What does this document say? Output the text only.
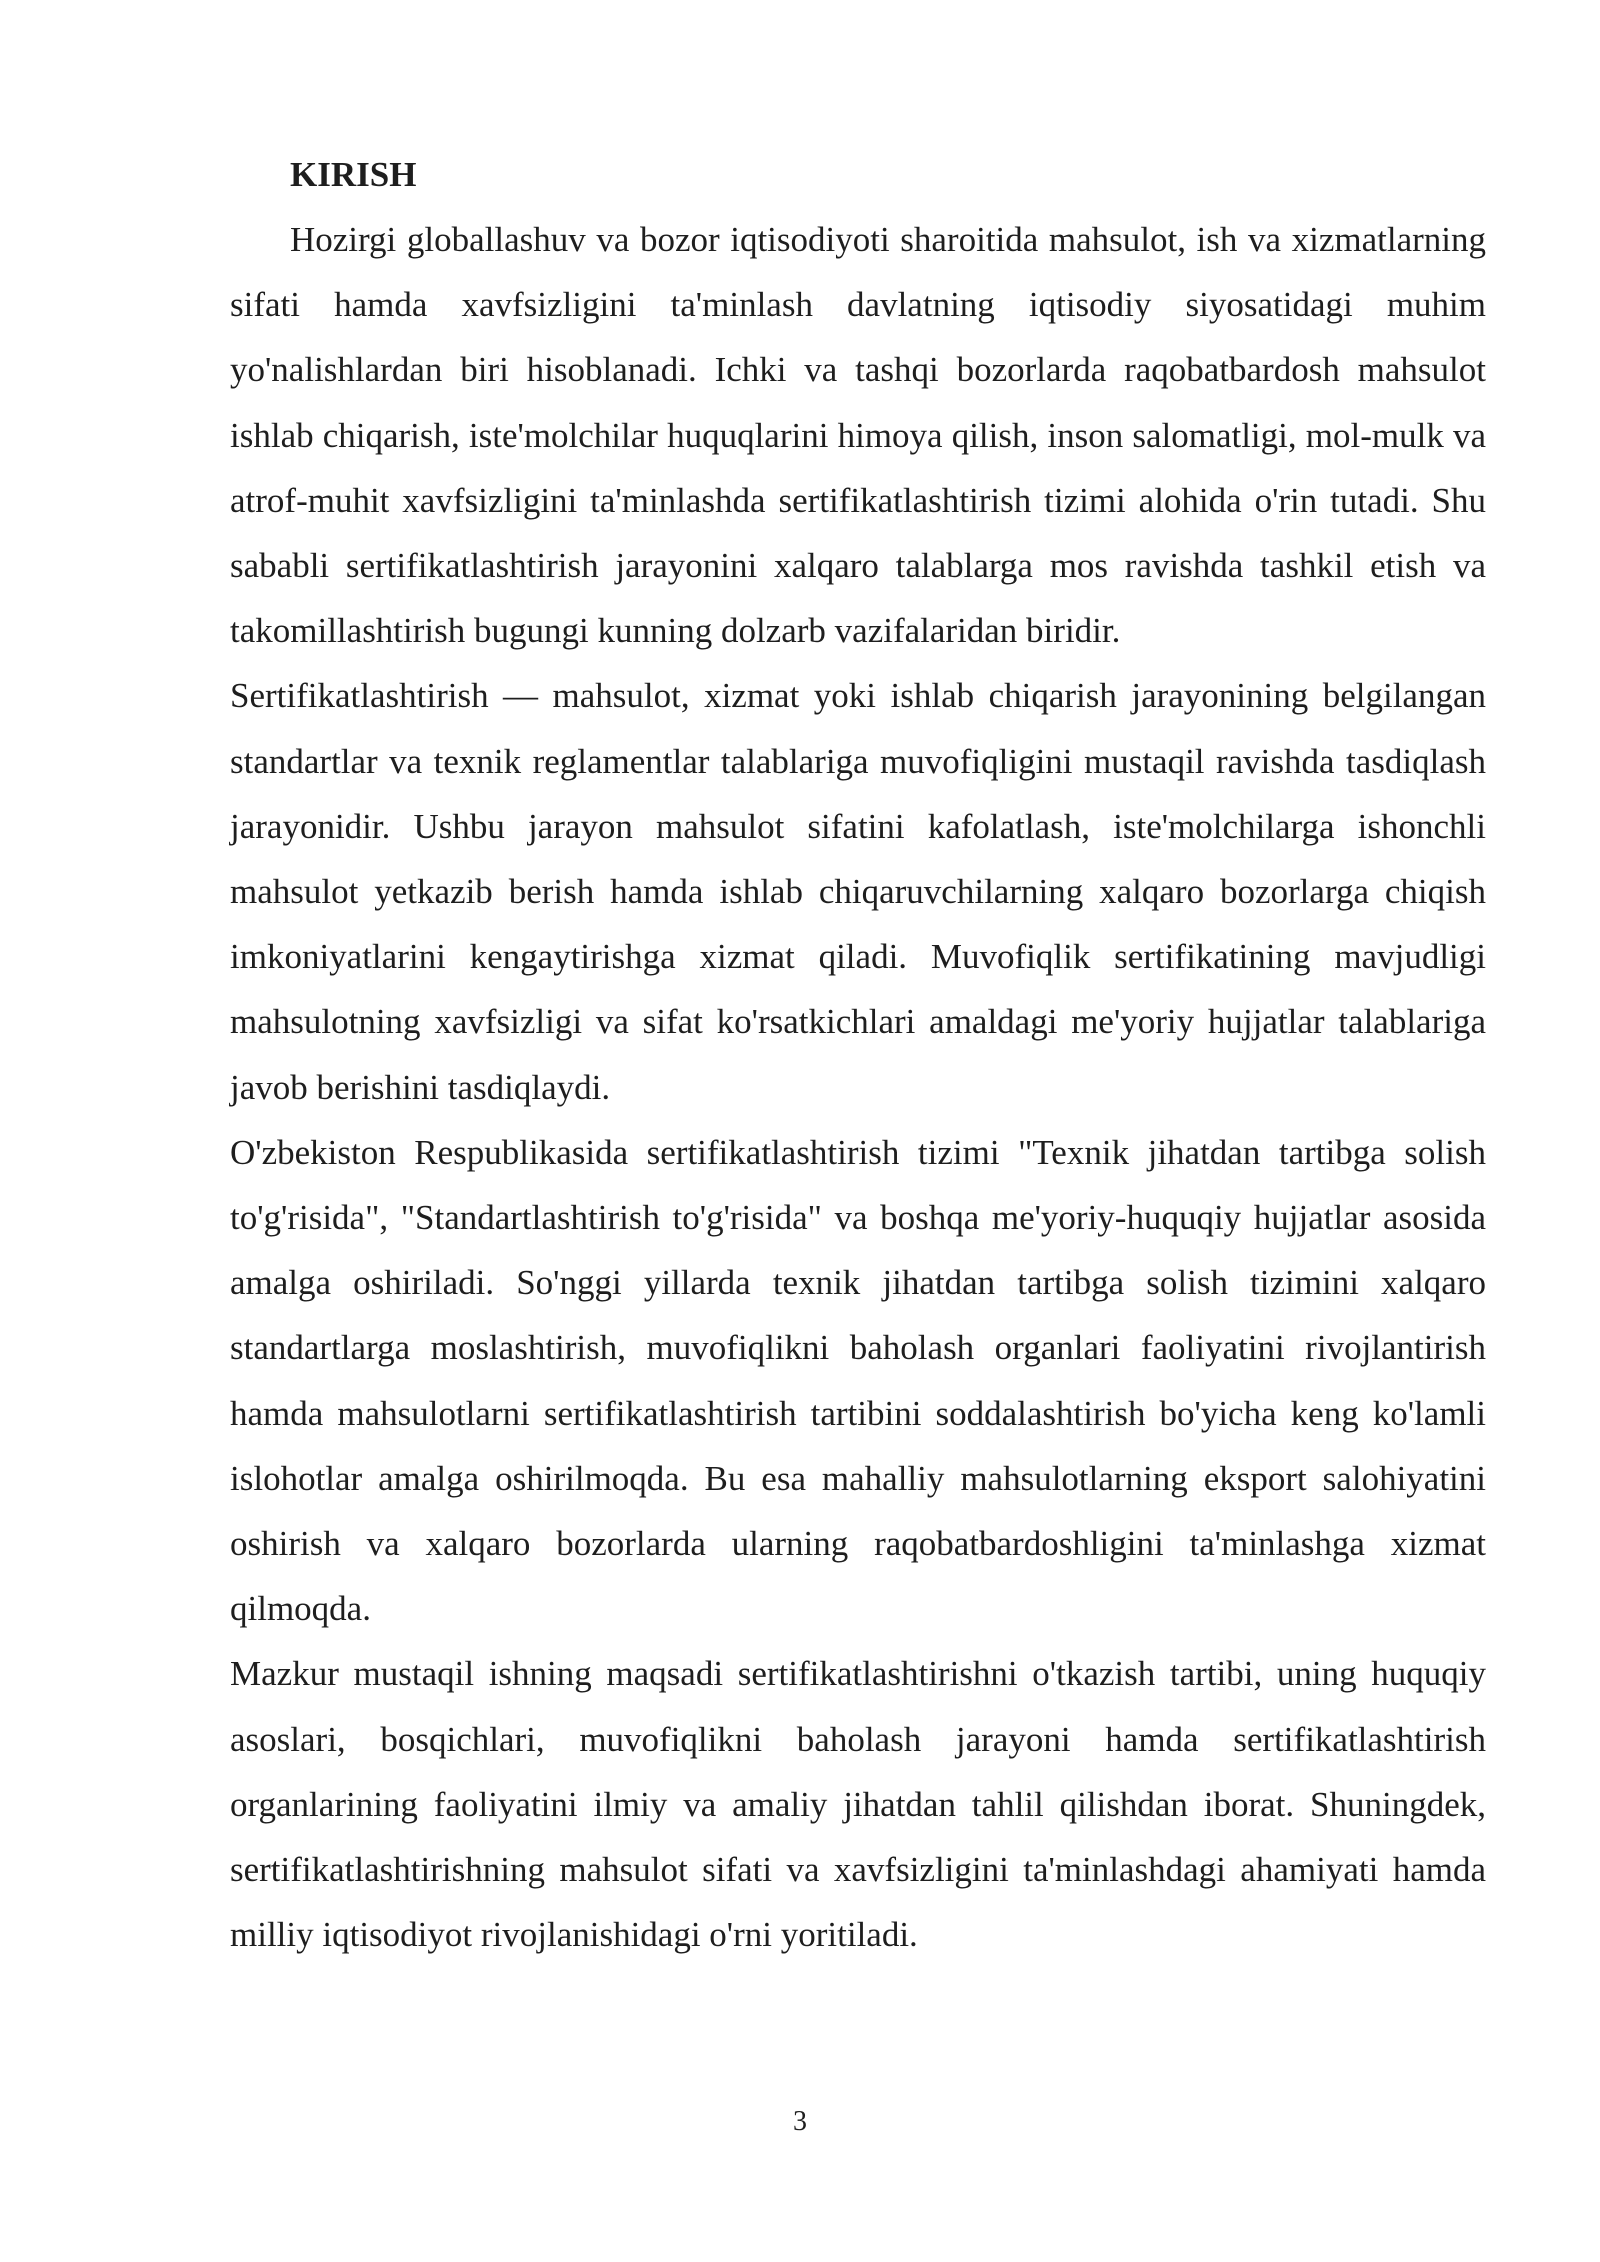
KIRISH

Hozirgi globallashuv va bozor iqtisodiyoti sharoitida mahsulot, ish va xizmatlarning sifati hamda xavfsizligini ta'minlash davlatning iqtisodiy siyosatidagi muhim yo'nalishlardan biri hisoblanadi. Ichki va tashqi bozorlarda raqobatbardosh mahsulot ishlab chiqarish, iste'molchilar huquqlarini himoya qilish, inson salomatligi, mol-mulk va atrof-muhit xavfsizligini ta'minlashda sertifikatlashtirish tizimi alohida o'rin tutadi. Shu sababli sertifikatlashtirish jarayonini xalqaro talablarga mos ravishda tashkil etish va takomillashtirish bugungi kunning dolzarb vazifalaridan biridir.

Sertifikatlashtirish — mahsulot, xizmat yoki ishlab chiqarish jarayonining belgilangan standartlar va texnik reglamentlar talablariga muvofiqligini mustaqil ravishda tasdiqlash jarayonidir. Ushbu jarayon mahsulot sifatini kafolatlash, iste'molchilarga ishonchli mahsulot yetkazib berish hamda ishlab chiqaruvchilarning xalqaro bozorlarga chiqish imkoniyatlarini kengaytirishga xizmat qiladi. Muvofiqlik sertifikatining mavjudligi mahsulotning xavfsizligi va sifat ko'rsatkichlari amaldagi me'yoriy hujjatlar talablariga javob berishini tasdiqlaydi.

O'zbekiston Respublikasida sertifikatlashtirish tizimi "Texnik jihatdan tartibga solish to'g'risida", "Standartlashtirish to'g'risida" va boshqa me'yoriy-huquqiy hujjatlar asosida amalga oshiriladi. So'nggi yillarda texnik jihatdan tartibga solish tizimini xalqaro standartlarga moslashtirish, muvofiqlikni baholash organlari faoliyatini rivojlantirish hamda mahsulotlarni sertifikatlashtirish tartibini soddalashtirish bo'yicha keng ko'lamli islohotlar amalga oshirilmoqda. Bu esa mahalliy mahsulotlarning eksport salohiyatini oshirish va xalqaro bozorlarda ularning raqobatbardoshligini ta'minlashga xizmat qilmoqda.

Mazkur mustaqil ishning maqsadi sertifikatlashtirishni o'tkazish tartibi, uning huquqiy asoslari, bosqichlari, muvofiqlikni baholash jarayoni hamda sertifikatlashtirish organlarining faoliyatini ilmiy va amaliy jihatdan tahlil qilishdan iborat. Shuningdek, sertifikatlashtirishning mahsulot sifati va xavfsizligini ta'minlashdagi ahamiyati hamda milliy iqtisodiyot rivojlanishidagi o'rni yoritiladi.

3
